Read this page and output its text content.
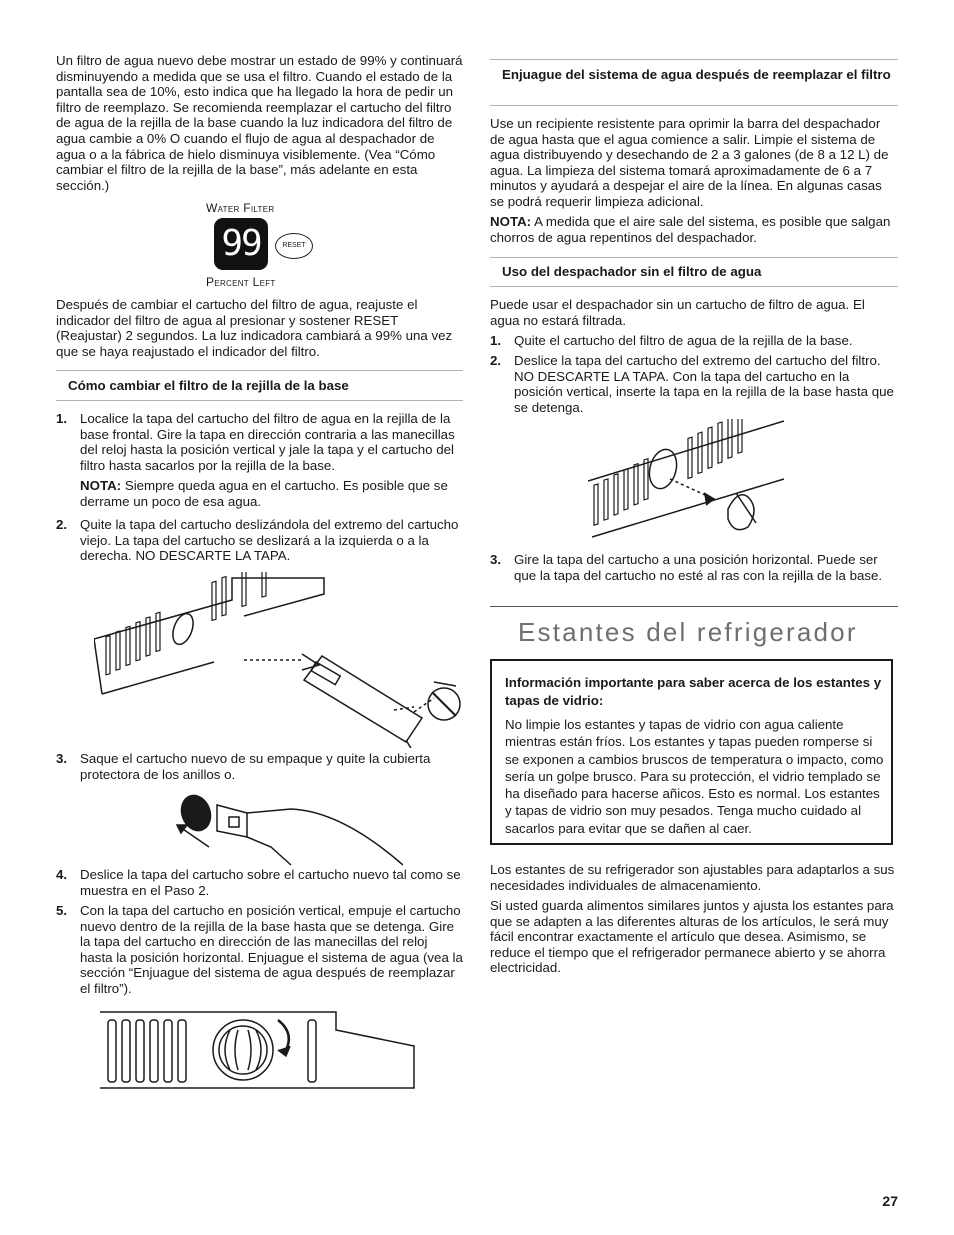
Un filtro de agua nuevo debe mostrar un estado de 99% y continuará disminuyendo a medida que se usa el filtro. Cuando el estado de la pantalla sea de 10%, esto indica que ha llegado la hora de pedir un filtro de reemplazo. Se recomienda reemplazar el cartucho del filtro de agua de la rejilla de la base cuando la luz indicadora del filtro de agua cambie a 0% O cuando el flujo de agua al despachador de agua o a la fábrica de hielo disminuya visiblemente. (Vea “Cómo cambiar el filtro de la rejilla de la base”, más adelante en esta sección.)

Water Filter
99	RESET
Percent Left

Después de cambiar el cartucho del filtro de agua, reajuste el indicador del filtro de agua al presionar y sostener RESET (Reajustar) 2 segundos. La luz indicadora cambiará a 99% una vez que se haya reajustado el indicador del filtro.

Cómo cambiar el filtro de la rejilla de la base
1. Localice la tapa del cartucho del filtro de agua en la rejilla de la base frontal. Gire la tapa en dirección contraria a las manecillas del reloj hasta la posición vertical y jale la tapa y el cartucho del filtro hasta sacarlos por la rejilla de la base.
NOTA: Siempre queda agua en el cartucho. Es posible que se derrame un poco de esa agua.
2. Quite la tapa del cartucho deslizándola del extremo del cartucho viejo. La tapa del cartucho se deslizará a la izquierda o a la derecha. NO DESCARTE LA TAPA.
3. Saque el cartucho nuevo de su empaque y quite la cubierta protectora de los anillos o.
4. Deslice la tapa del cartucho sobre el cartucho nuevo tal como se muestra en el Paso 2.
5. Con la tapa del cartucho en posición vertical, empuje el cartucho nuevo dentro de la rejilla de la base hasta que se detenga. Gire la tapa del cartucho en dirección de las manecillas del reloj hasta la posición horizontal. Enjuague el sistema de agua (vea la sección “Enjuague del sistema de agua después de reemplazar el filtro”).
Enjuague del sistema de agua después de reemplazar el filtro

Use un recipiente resistente para oprimir la barra del despachador de agua hasta que el agua comience a salir. Limpie el sistema de agua distribuyendo y desechando de 2 a 3 galones (de 8 a 12 L) de agua. La limpieza del sistema tomará aproximadamente de 6 a 7 minutos y ayudará a despejar el aire de la línea. En algunas casas se podrá requerir limpieza adicional.

NOTA: A medida que el aire sale del sistema, es posible que salgan chorros de agua repentinos del despachador.

Uso del despachador sin el filtro de agua

Puede usar el despachador sin un cartucho de filtro de agua. El agua no estará filtrada.

1. Quite el cartucho del filtro de agua de la rejilla de la base.
2. Deslice la tapa del cartucho del extremo del cartucho del filtro. NO DESCARTE LA TAPA. Con la tapa del cartucho en la posición vertical, inserte la tapa en la rejilla de la base hasta que se detenga.
3. Gire la tapa del cartucho a una posición horizontal. Puede ser que la tapa del cartucho no esté al ras con la rejilla de la base.
Estantes del refrigerador
Información importante para saber acerca de los estantes y tapas de vidrio:
No limpie los estantes y tapas de vidrio con agua caliente mientras están fríos. Los estantes y tapas pueden romperse si se exponen a cambios bruscos de temperatura o impacto, como sería un golpe brusco. Para su protección, el vidrio templado se ha diseñado para hacerse añicos. Esto es normal. Los estantes y tapas de vidrio son muy pesados. Tenga mucho cuidado al sacarlos para evitar que se dañen al caer.

Los estantes de su refrigerador son ajustables para adaptarlos a sus necesidades individuales de almacenamiento.

Si usted guarda alimentos similares juntos y ajusta los estantes para que se adapten a las diferentes alturas de los artículos, le será muy fácil encontrar exactamente el artículo que desea. Asimismo, se reduce el tiempo que el refrigerador permanece abierto y se ahorra electricidad.

27
